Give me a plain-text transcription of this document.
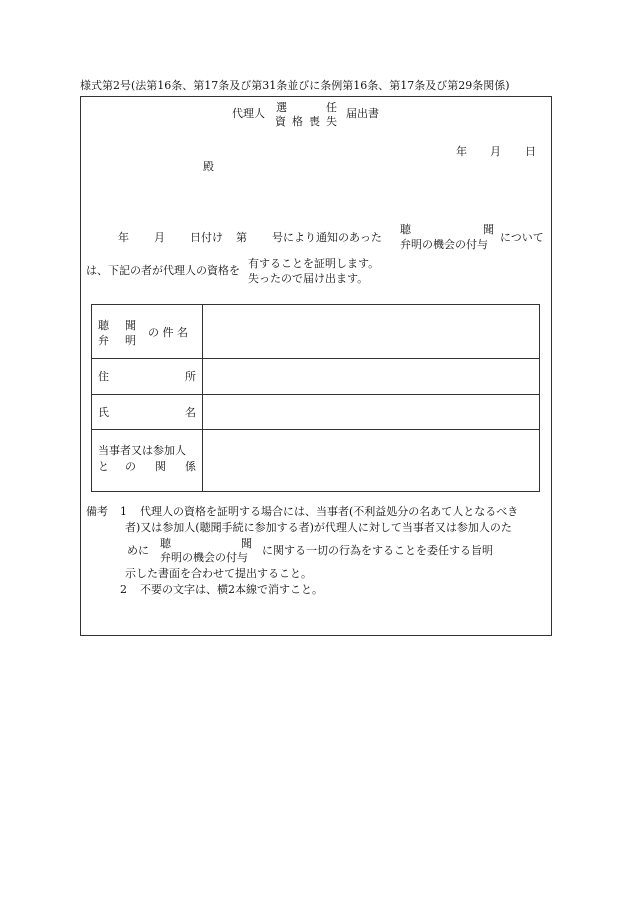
様式第2号(法第16条、第17条及び第31条並びに条例第16条、第17条及び第29条関係)
代理人 選	任
資 格 喪 失
届出書
年 月 日
殿
年 月 日付け 第 号により通知のあった
聴	聞
弁明の機会の付与
について
は、下記の者が代理人の資格を
有することを証明します。
失ったので届け出ます。
聴 聞
弁 明
の 件 名
住	所
氏	名
当事者又は参加人
と の 関 係
備考 1 代理人の資格を証明する場合には、当事者(不利益処分の名あて人となるべき
者)又は参加人(聴聞手続に参加する者)が代理人に対して当事者又は参加人のた
めに
聴	聞
弁明の機会の付与
に関する一切の行為をすることを委任する旨明
示した書面を合わせて提出すること。
2 不要の文字は、横2本線で消すこと。
